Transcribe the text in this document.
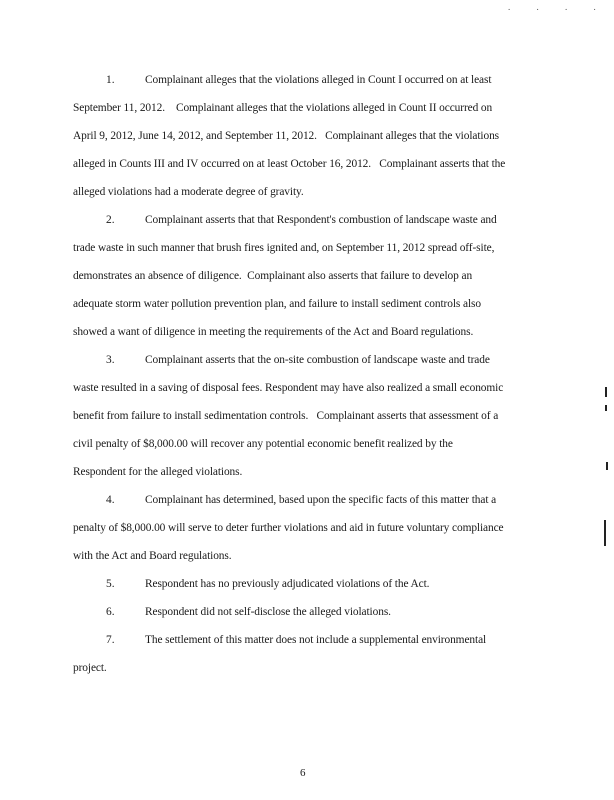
. . . .
1.	Complainant alleges that the violations alleged in Count I occurred on at least
September 11, 2012.    Complainant alleges that the violations alleged in Count II occurred on
April 9, 2012, June 14, 2012, and September 11, 2012.   Complainant alleges that the violations
alleged in Counts III and IV occurred on at least October 16, 2012.   Complainant asserts that the
alleged violations had a moderate degree of gravity.
2.	Complainant asserts that that Respondent's combustion of landscape waste and
trade waste in such manner that brush fires ignited and, on September 11, 2012 spread off-site,
demonstrates an absence of diligence.  Complainant also asserts that failure to develop an
adequate storm water pollution prevention plan, and failure to install sediment controls also
showed a want of diligence in meeting the requirements of the Act and Board regulations.
3.	Complainant asserts that the on-site combustion of landscape waste and trade
waste resulted in a saving of disposal fees. Respondent may have also realized a small economic
benefit from failure to install sedimentation controls.   Complainant asserts that assessment of a
civil penalty of $8,000.00 will recover any potential economic benefit realized by the
Respondent for the alleged violations.
4.	Complainant has determined, based upon the specific facts of this matter that a
penalty of $8,000.00 will serve to deter further violations and aid in future voluntary compliance
with the Act and Board regulations.
5.	Respondent has no previously adjudicated violations of the Act.
6.	Respondent did not self-disclose the alleged violations.
7.	The settlement of this matter does not include a supplemental environmental
project.
6
